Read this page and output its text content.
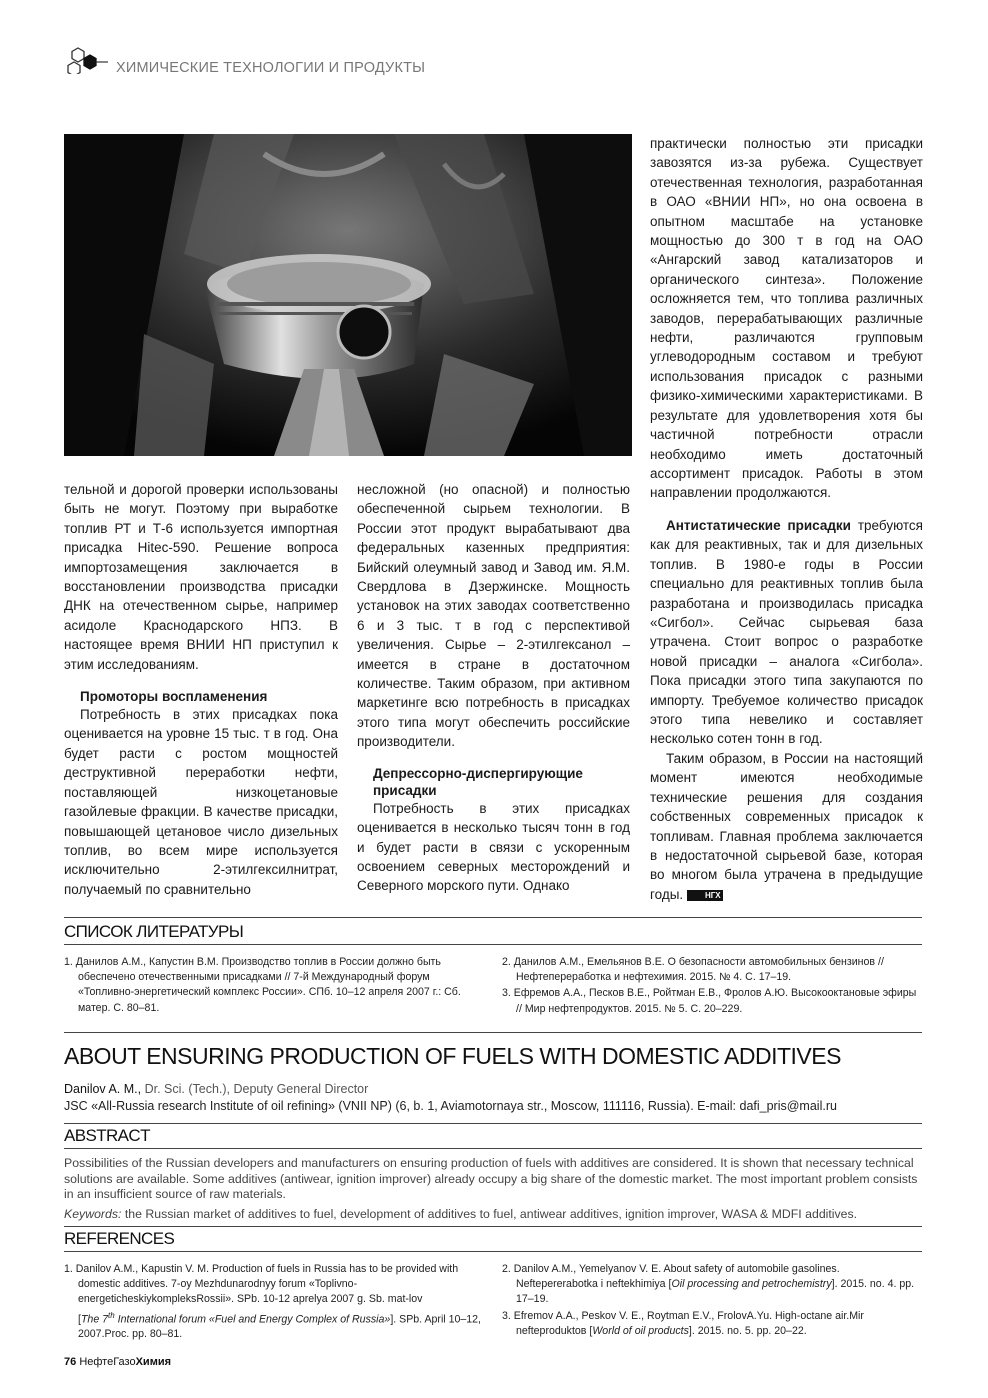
ХИМИЧЕСКИЕ ТЕХНОЛОГИИ И ПРОДУКТЫ

тельной и дорогой проверки использованы быть не могут. Поэтому при выработке топлив РТ и Т-6 используется импортная присадка Hitec-590. Решение вопроса импортозамещения заключается в восстановлении производства присадки ДНК на отечественном сырье, например асидоле Краснодарского НПЗ. В настоящее время ВНИИ НП приступил к этим исследованиям.

Промоторы воспламенения

Потребность в этих присадках пока оценивается на уровне 15 тыс. т в год. Она будет расти с ростом мощностей деструктивной переработки нефти, поставляющей низкоцетановые газойлевые фракции. В качестве присадки, повышающей цетановое число дизельных топлив, во всем мире используется исключительно 2-этилгексилнитрат, получаемый по сравнительно

несложной (но опасной) и полностью обеспеченной сырьем технологии. В России этот продукт вырабатывают два федеральных казенных предприятия: Бийский олеумный завод и Завод им. Я.М. Свердлова в Дзержинске. Мощность установок на этих заводах соответственно 6 и 3 тыс. т в год с перспективой увеличения. Сырье – 2-этилгексанол – имеется в стране в достаточном количестве. Таким образом, при активном маркетинге всю потребность в присадках этого типа могут обеспечить российские производители.

Депрессорно-диспергирующие присадки

Потребность в этих присадках оценивается в несколько тысяч тонн в год и будет расти в связи с ускоренным освоением северных месторождений и Северного морского пути. Однако

практически полностью эти присадки завозятся из-за рубежа. Существует отечественная технология, разработанная в ОАО «ВНИИ НП», но она освоена в опытном масштабе на установке мощностью до 300 т в год на ОАО «Ангарский завод катализаторов и органического синтеза». Положение осложняется тем, что топлива различных заводов, перерабатывающих различные нефти, различаются групповым углеводородным составом и требуют использования присадок с разными физико-химическими характеристиками. В результате для удовлетворения хотя бы частичной потребности отрасли необходимо иметь достаточный ассортимент присадок. Работы в этом направлении продолжаются.

Антистатические присадки требуются как для реактивных, так и для дизельных топлив. В 1980-е годы в России специально для реактивных топлив была разработана и производилась присадка «Сигбол». Сейчас сырьевая база утрачена. Стоит вопрос о разработке новой присадки – аналога «Сигбола». Пока присадки этого типа закупаются по импорту. Требуемое количество присадок этого типа невелико и составляет несколько сотен тонн в год.

Таким образом, в России на настоящий момент имеются необходимые технические решения для создания собственных современных присадок к топливам. Главная проблема заключается в недостаточной сырьевой базе, которая во многом была утрачена в предыдущие годы.	НГХ

СПИСОК ЛИТЕРАТУРЫ

1. Данилов А.М., Капустин В.М. Производство топлив в России должно быть обеспечено отечественными присадками // 7-й Международный форум «Топливно-энергетический комплекс России». СПб. 10–12 апреля 2007 г.: Сб. матер. С. 80–81.

2. Данилов А.М., Емельянов В.Е. О безопасности автомобильных бензинов // Нефтепереработка и нефтехимия. 2015. № 4. С. 17–19.

3. Ефремов А.А., Песков В.Е., Ройтман Е.В., Фролов А.Ю. Высокооктановые эфиры // Мир нефтепродуктов. 2015. № 5. С. 20–229.

ABOUT ENSURING PRODUCTION OF FUELS WITH DOMESTIC ADDITIVES
Danilov A. M., Dr. Sci. (Tech.), Deputy General Director
JSC «All-Russia research Institute of oil refining» (VNII NP) (6, b. 1, Aviamotornaya str., Moscow, 111116, Russia). E-mail: dafi_pris@mail.ru
ABSTRACT
Possibilities of the Russian developers and manufacturers on ensuring production of fuels with additives are considered. It is shown that necessary technical solutions are available. Some additives (antiwear, ignition improver) already occupy a big share of the domestic market. The most important problem consists in an insufficient source of raw materials.
Keywords: the Russian market of additives to fuel, development of additives to fuel, antiwear additives, ignition improver, WASA & MDFI additives.
REFERENCES

1. Danilov A.M., Kapustin V. M. Production of fuels in Russia has to be provided with domestic additives. 7-oy Mezhdunarodnyy forum «Toplivno-energeticheskiykompleksRossii». SPb. 10-12 aprelya 2007 g. Sb. mat-lov
[The 7th International forum «Fuel and Energy Complex of Russia»]. SPb. April 10–12, 2007.Proc. pp. 80–81.

2. Danilov A.M., Yemelyanov V. E. About safety of automobile gasolines. Neftepererabotka i neftekhimiya [Oil processing and petrochemistry]. 2015. no. 4. pp. 17–19.

3. Efremov A.A., Peskov V. E., Roytman E.V., FrolovA.Yu. High-octane air.Mir nefteproduktoв [World of oil products]. 2015. no. 5. pp. 20–22.

76 НефтеГазоХимия
